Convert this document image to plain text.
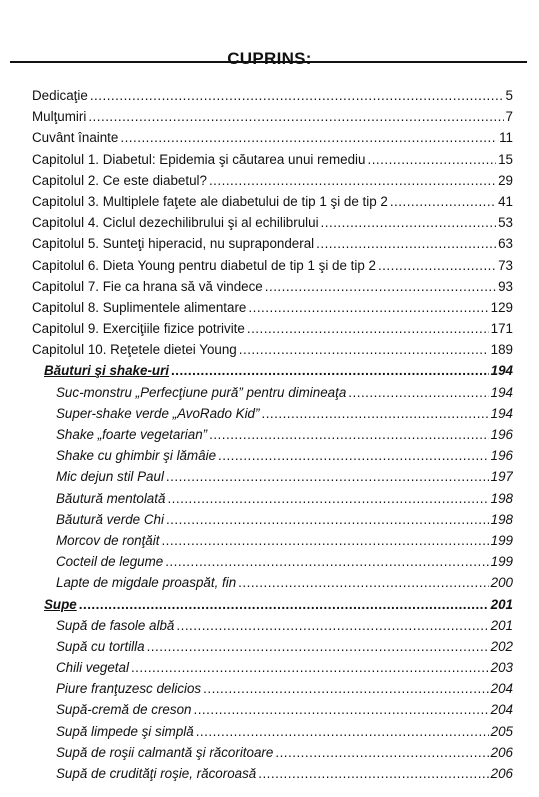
CUPRINS:
Dedicaţie .....	5
Mulţumiri .....	7
Cuvânt înainte .....	11
Capitolul 1. Diabetul: Epidemia şi căutarea unui remediu .....	15
Capitolul 2. Ce este diabetul? .....	29
Capitolul 3. Multiplele faţete ale diabetului de tip 1 şi de tip 2 .....	41
Capitolul 4. Ciclul dezechilibrului şi al echilibrului .....	53
Capitolul 5. Sunteţi hiperacid, nu supraponderal .....	63
Capitolul 6. Dieta Young pentru diabetul de tip 1 şi de tip 2 .....	73
Capitolul 7. Fie ca hrana să vă vindece .....	93
Capitolul 8. Suplimentele alimentare .....	129
Capitolul 9. Exerciţiile fizice potrivite .....	171
Capitolul 10. Reţetele dietei Young .....	189
Băuturi şi shake-uri .....	194
Suc-monstru „Perfecţiune pură” pentru dimineaţa .....	194
Super-shake verde „AvoRado Kid” .....	194
Shake „foarte vegetarian” .....	196
Shake cu ghimbir şi lămâie .....	196
Mic dejun stil Paul .....	197
Băutură mentolată .....	198
Băutură verde Chi .....	198
Morcov de ronţăit .....	199
Cocteil de legume .....	199
Lapte de migdale proaspăt, fin .....	200
Supe .....	201
Supă de fasole albă .....	201
Supă cu tortilla .....	202
Chili vegetal .....	203
Piure franţuzesc delicios .....	204
Supă-cremă de creson .....	204
Supă limpede şi simplă .....	205
Supă de roşii calmantă şi răcoritoare .....	206
Supă de crudităţi roşie, răcoroasă .....	206
